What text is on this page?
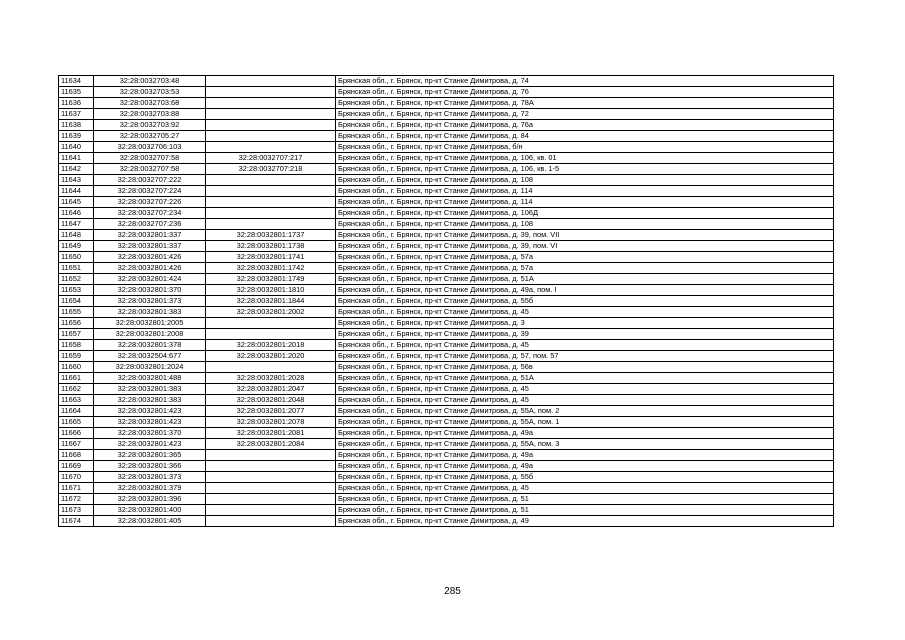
11634	32:28:0032703:48		Брянская обл., г. Брянск, пр-кт Станке Димитрова, д. 74
11635	32:28:0032703:53		Брянская обл., г. Брянск, пр-кт Станке Димитрова, д. 76
11636	32:28:0032703:68		Брянская обл., г. Брянск, пр-кт Станке Димитрова, д. 78А
11637	32:28:0032703:88		Брянская обл., г. Брянск, пр-кт Станке Димитрова, д. 72
11638	32:28:0032703:92		Брянская обл., г. Брянск, пр-кт Станке Димитрова, д. 76а
11639	32:28:0032705:27		Брянская обл., г. Брянск, пр-кт Станке Димитрова, д. 84
11640	32:28:0032706:103		Брянская обл., г. Брянск, пр-кт Станке Димитрова, б/н
11641	32:28:0032707:58	32:28:0032707:217	Брянская обл., г. Брянск, пр-кт Станке Димитрова, д. 106, кв. 01
11642	32:28:0032707:58	32:28:0032707:218	Брянская обл., г. Брянск, пр-кт Станке Димитрова, д. 106, кв. 1-5
11643	32:28:0032707:222		Брянская обл., г. Брянск, пр-кт Станке Димитрова, д. 108
11644	32:28:0032707:224		Брянская обл., г. Брянск, пр-кт Станке Димитрова, д. 114
11645	32:28:0032707:226		Брянская обл., г. Брянск, пр-кт Станке Димитрова, д. 114
11646	32:28:0032707:234		Брянская обл., г. Брянск, пр-кт Станке Димитрова, д. 106Д
11647	32:28:0032707:236		Брянская обл., г. Брянск, пр-кт Станке Димитрова, д. 108
11648	32:28:0032801:337	32:28:0032801:1737	Брянская обл., г. Брянск, пр-кт Станке Димитрова, д. 39, пом. VII
11649	32:28:0032801:337	32:28:0032801:1738	Брянская обл., г. Брянск, пр-кт Станке Димитрова, д. 39, пом. VI
11650	32:28:0032801:426	32:28:0032801:1741	Брянская обл., г. Брянск, пр-кт Станке Димитрова, д. 57а
11651	32:28:0032801:426	32:28:0032801:1742	Брянская обл., г. Брянск, пр-кт Станке Димитрова, д. 57а
11652	32:28:0032801:424	32:28:0032801:1749	Брянская обл., г. Брянск, пр-кт Станке Димитрова, д. 51А
11653	32:28:0032801:370	32:28:0032801:1810	Брянская обл., г. Брянск, пр-кт Станке Димитрова, д. 49а, пом. I
11654	32:28:0032801:373	32:28:0032801:1844	Брянская обл., г. Брянск, пр-кт Станке Димитрова, д. 55б
11655	32:28:0032801:383	32:28:0032801:2002	Брянская обл., г. Брянск, пр-кт Станке Димитрова, д. 45
11656	32:28:0032801:2005		Брянская обл., г. Брянск, пр-кт Станке Димитрова, д. 3
11657	32:28:0032801:2008		Брянская обл., г. Брянск, пр-кт Станке Димитрова, д. 39
11658	32:28:0032801:378	32:28:0032801:2018	Брянская обл., г. Брянск, пр-кт Станке Димитрова, д. 45
11659	32:28:0032504:677	32:28:0032801:2020	Брянская обл., г. Брянск, пр-кт Станке Димитрова, д. 57, пом. 57
11660	32:28:0032801:2024		Брянская обл., г. Брянск, пр-кт Станке Димитрова, д. 56в
11661	32:28:0032801:488	32:28:0032801:2028	Брянская обл., г. Брянск, пр-кт Станке Димитрова, д. 51А
11662	32:28:0032801:383	32:28:0032801:2047	Брянская обл., г. Брянск, пр-кт Станке Димитрова, д. 45
11663	32:28:0032801:383	32:28:0032801:2048	Брянская обл., г. Брянск, пр-кт Станке Димитрова, д. 45
11664	32:28:0032801:423	32:28:0032801:2077	Брянская обл., г. Брянск, пр-кт Станке Димитрова, д. 55А, пом. 2
11665	32:28:0032801:423	32:28:0032801:2078	Брянская обл., г. Брянск, пр-кт Станке Димитрова, д. 55А, пом. 1
11666	32:28:0032801:370	32:28:0032801:2081	Брянская обл., г. Брянск, пр-кт Станке Димитрова, д. 49а
11667	32:28:0032801:423	32:28:0032801:2084	Брянская обл., г. Брянск, пр-кт Станке Димитрова, д. 55А, пом. 3
11668	32:28:0032801:365		Брянская обл., г. Брянск, пр-кт Станке Димитрова, д. 49а
11669	32:28:0032801:366		Брянская обл., г. Брянск, пр-кт Станке Димитрова, д. 49а
11670	32:28:0032801:373		Брянская обл., г. Брянск, пр-кт Станке Димитрова, д. 55б
11671	32:28:0032801:379		Брянская обл., г. Брянск, пр-кт Станке Димитрова, д. 45
11672	32:28:0032801:396		Брянская обл., г. Брянск, пр-кт Станке Димитрова, д. 51
11673	32:28:0032801:400		Брянская обл., г. Брянск, пр-кт Станке Димитрова, д. 51
11674	32:28:0032801:405		Брянская обл., г. Брянск, пр-кт Станке Димитрова, д. 49
285
